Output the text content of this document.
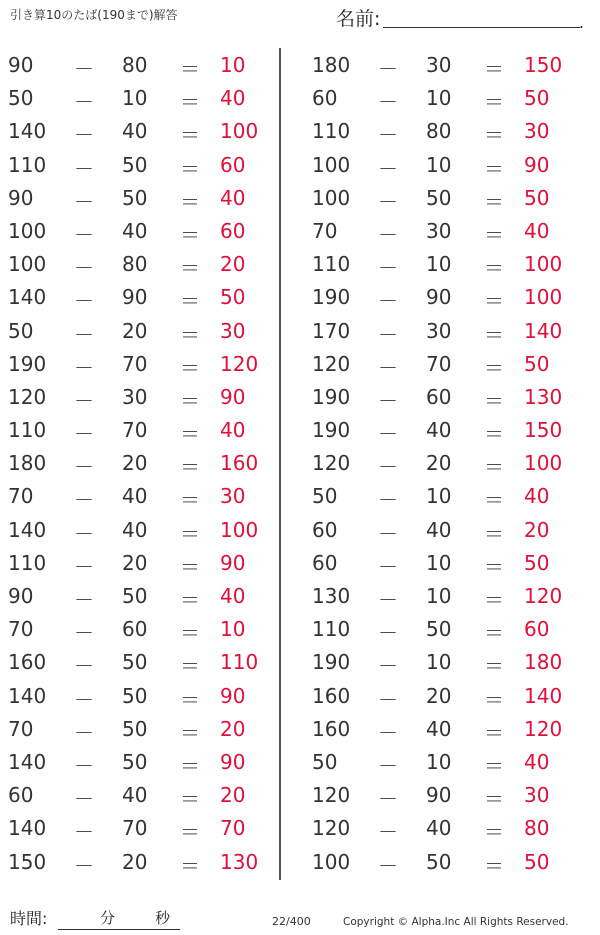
引き算10のたば(190まで)解答	名前:	.
90 － 80 ＝ 10
50 － 10 ＝ 40
140 － 40 ＝ 100
110 － 50 ＝ 60
90 － 50 ＝ 40
100 － 40 ＝ 60
100 － 80 ＝ 20
140 － 90 ＝ 50
50 － 20 ＝ 30
190 － 70 ＝ 120
120 － 30 ＝ 90
110 － 70 ＝ 40
180 － 20 ＝ 160
70 － 40 ＝ 30
140 － 40 ＝ 100
110 － 20 ＝ 90
90 － 50 ＝ 40
70 － 60 ＝ 10
160 － 50 ＝ 110
140 － 50 ＝ 90
70 － 50 ＝ 20
140 － 50 ＝ 90
60 － 40 ＝ 20
140 － 70 ＝ 70
150 － 20 ＝ 130
180 － 30 ＝ 150
60 － 10 ＝ 50
110 － 80 ＝ 30
100 － 10 ＝ 90
100 － 50 ＝ 50
70 － 30 ＝ 40
110 － 10 ＝ 100
190 － 90 ＝ 100
170 － 30 ＝ 140
120 － 70 ＝ 50
190 － 60 ＝ 130
190 － 40 ＝ 150
120 － 20 ＝ 100
50 － 10 ＝ 40
60 － 40 ＝ 20
60 － 10 ＝ 50
130 － 10 ＝ 120
110 － 50 ＝ 60
190 － 10 ＝ 180
160 － 20 ＝ 140
160 － 40 ＝ 120
50 － 10 ＝ 40
120 － 90 ＝ 30
120 － 40 ＝ 80
100 － 50 ＝ 50
時間:	分	秒	22/400	Copyright © Alpha.Inc All Rights Reserved.
